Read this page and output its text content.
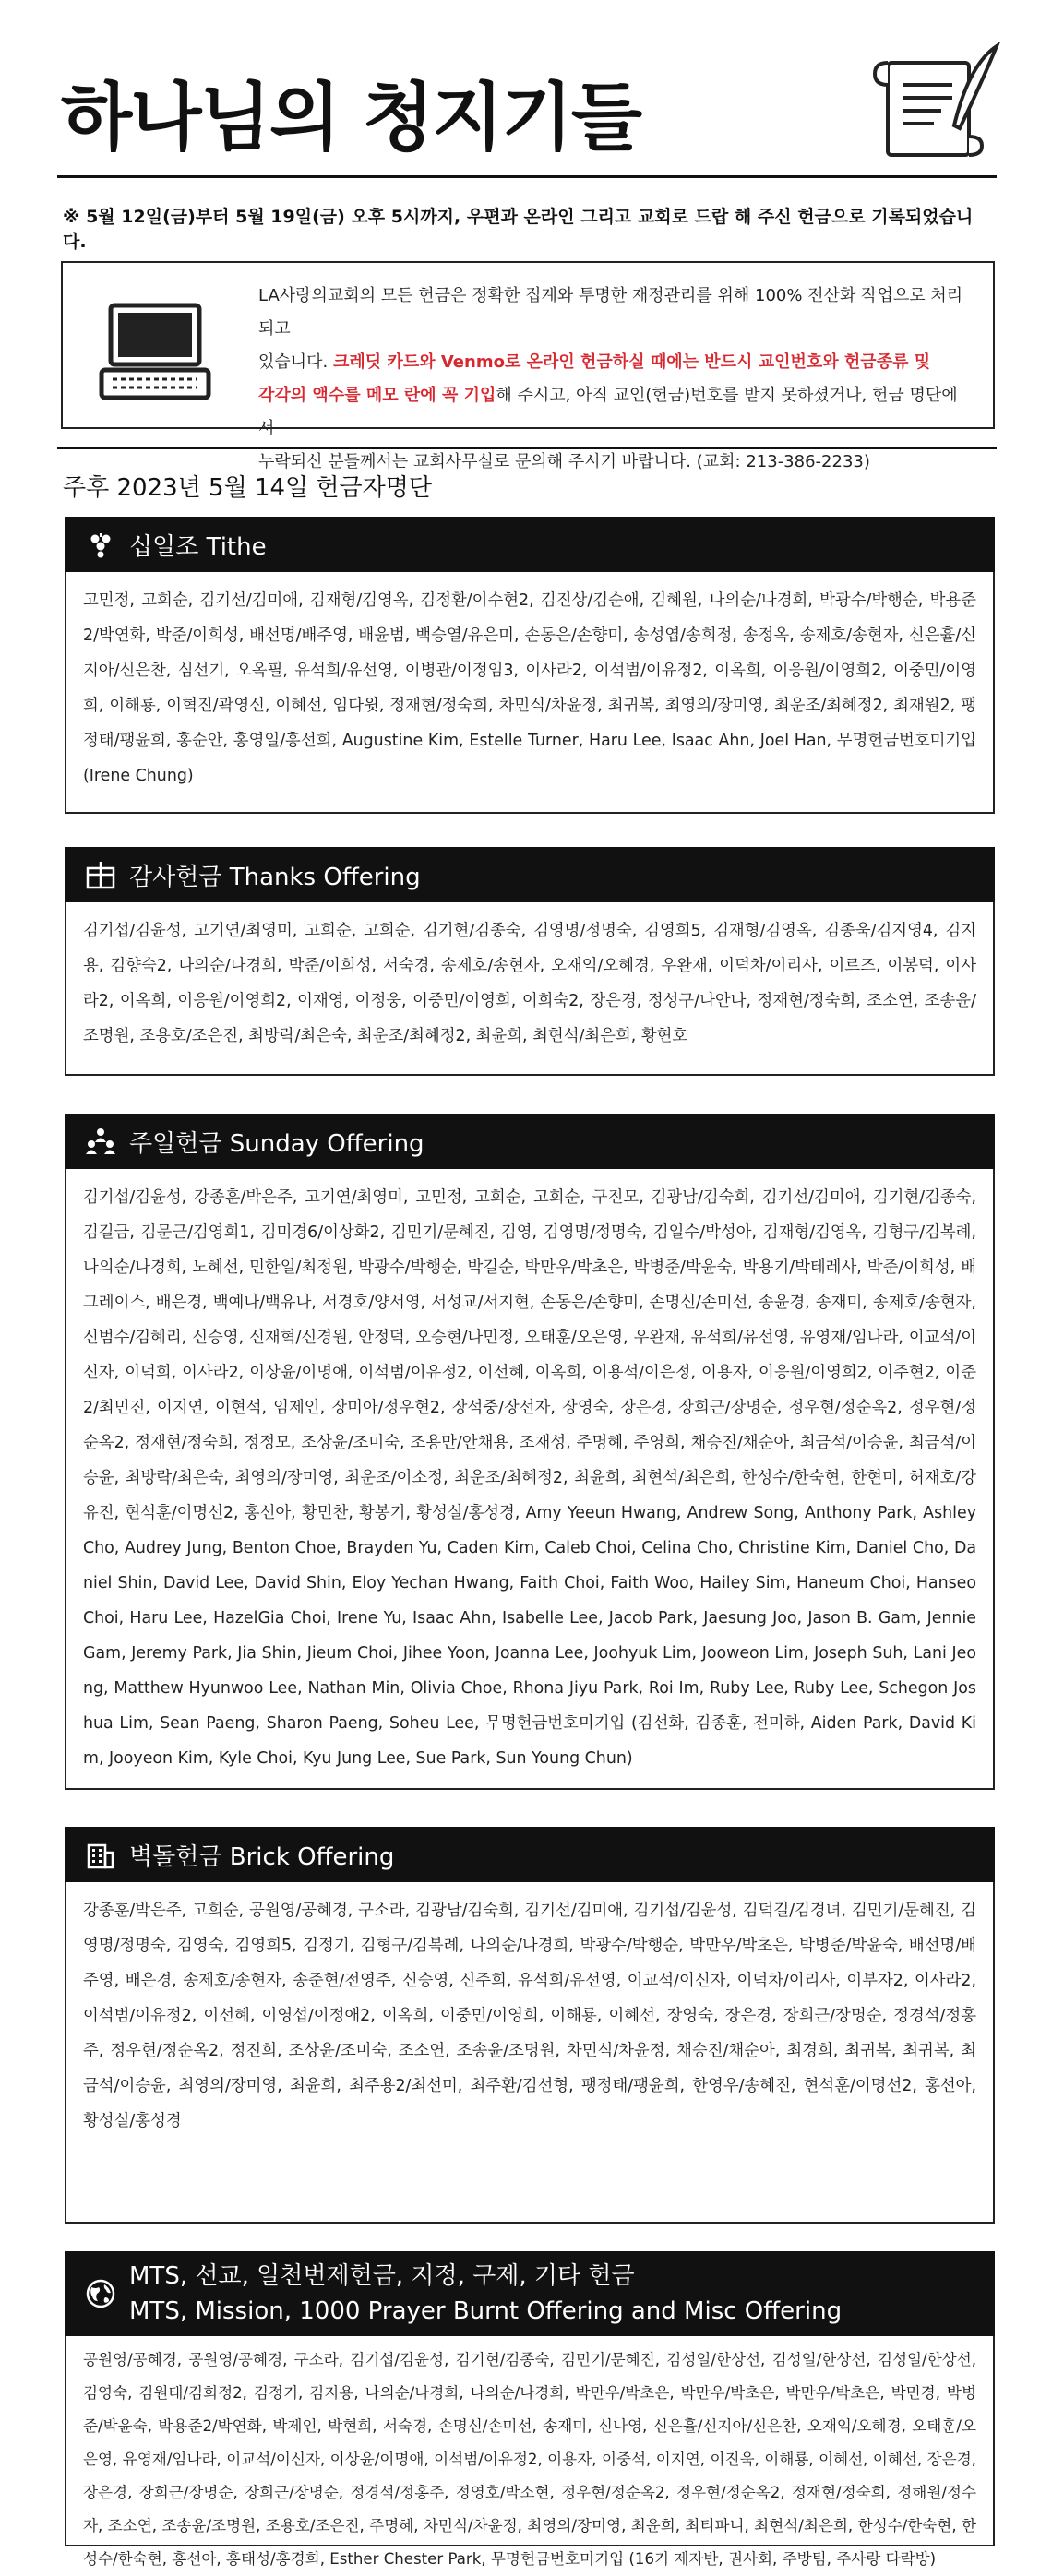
하나님의 청지기들
※ 5월 12일(금)부터 5월 19일(금) 오후 5시까지, 우편과 온라인 그리고 교회로 드랍 해 주신 헌금으로 기록되었습니다.
LA사랑의교회의 모든 헌금은 정확한 집계와 투명한 재정관리를 위해 100% 전산화 작업으로 처리되고
있습니다. 크레딧 카드와 Venmo로 온라인 헌금하실 때에는 반드시 교인번호와 헌금종류 및
각각의 액수를 메모 란에 꼭 기입해 주시고, 아직 교인(헌금)번호를 받지 못하셨거나, 헌금 명단에서
누락되신 분들께서는 교회사무실로 문의해 주시기 바랍니다. (교회: 213-386-2233)
주후 2023년 5월 14일 헌금자명단
십일조 Tithe
고민정, 고희순, 김기선/김미애, 김재형/김영옥, 김정환/이수현2, 김진상/김순애, 김혜원, 나의순/나경희, 박광수/박행순, 박용준2/박연화, 박준/이희성, 배선명/배주영, 배윤범, 백승열/유은미, 손동은/손향미, 송성엽/송희정, 송정옥, 송제호/송현자, 신은휼/신지아/신은찬, 심선기, 오옥필, 유석희/유선영, 이병관/이정임3, 이사라2, 이석범/이유정2, 이옥희, 이응원/이영희2, 이중민/이영희, 이해룡, 이혁진/곽영신, 이혜선, 임다윗, 정재현/정숙희, 차민식/차윤정, 최귀복, 최영의/장미영, 최운조/최혜정2, 최재원2, 팽정태/팽윤희, 홍순안, 홍영일/홍선희, Augustine Kim, Estelle Turner, Haru Lee, Isaac Ahn, Joel Han, 무명헌금번호미기입 (Irene Chung)
감사헌금 Thanks Offering
김기섭/김윤성, 고기연/최영미, 고희순, 고희순, 김기현/김종숙, 김영명/정명숙, 김영희5, 김재형/김영옥, 김종욱/김지영4, 김지용, 김향숙2, 나의순/나경희, 박준/이희성, 서숙경, 송제호/송현자, 오재익/오혜경, 우완재, 이덕차/이리사, 이르즈, 이봉덕, 이사라2, 이옥희, 이응원/이영희2, 이재영, 이정웅, 이중민/이영희, 이희숙2, 장은경, 정성구/나안나, 정재현/정숙희, 조소연, 조송윤/조명원, 조용호/조은진, 최방락/최은숙, 최운조/최혜정2, 최윤희, 최현석/최은희, 황현호
주일헌금 Sunday Offering
김기섭/김윤성, 강종훈/박은주, 고기연/최영미, 고민정, 고희순, 고희순, 구진모, 김광남/김숙희, 김기선/김미애, 김기현/김종숙, 김길금, 김문근/김영희1, 김미경6/이상화2, 김민기/문혜진, 김영, 김영명/정명숙, 김일수/박성아, 김재형/김영옥, 김형구/김복례, 나의순/나경희, 노혜선, 민한일/최정원, 박광수/박행순, 박길순, 박만우/박초은, 박병준/박윤숙, 박용기/박테레사, 박준/이희성, 배그레이스, 배은경, 백예나/백유나, 서경호/양서영, 서성교/서지현, 손동은/손향미, 손명신/손미선, 송윤경, 송재미, 송제호/송현자, 신범수/김혜리, 신승영, 신재혁/신경원, 안정덕, 오승현/나민정, 오태훈/오은영, 우완재, 유석희/유선영, 유영재/임나라, 이교석/이신자, 이덕희, 이사라2, 이상윤/이명애, 이석범/이유정2, 이선혜, 이옥희, 이용석/이은정, 이용자, 이응원/이영희2, 이주현2, 이준2/최민진, 이지연, 이현석, 임제인, 장미아/정우현2, 장석중/장선자, 장영숙, 장은경, 장희근/장명순, 정우현/정순옥2, 정우현/정순옥2, 정재현/정숙희, 정정모, 조상윤/조미숙, 조용만/안채용, 조재성, 주명혜, 주영희, 채승진/채순아, 최금석/이승윤, 최금석/이승윤, 최방락/최은숙, 최영의/장미영, 최운조/이소정, 최운조/최혜정2, 최윤희, 최현석/최은희, 한성수/한숙현, 한현미, 허재호/강유진, 현석훈/이명선2, 홍선아, 황민찬, 황봉기, 황성실/홍성경, Amy Yeeun Hwang, Andrew Song, Anthony Park, Ashley Cho, Audrey Jung, Benton Choe, Brayden Yu, Caden Kim, Caleb Choi, Celina Cho, Christine Kim, Daniel Cho, Daniel Shin, David Lee, David Shin, Eloy Yechan Hwang, Faith Choi, Faith Woo, Hailey Sim, Haneum Choi, Hanseo Choi, Haru Lee, HazelGia Choi, Irene Yu, Isaac Ahn, Isabelle Lee, Jacob Park, Jaesung Joo, Jason B. Gam, Jennie Gam, Jeremy Park, Jia Shin, Jieum Choi, Jihee Yoon, Joanna Lee, Joohyuk Lim, Jooweon Lim, Joseph Suh, Lani Jeong, Matthew Hyunwoo Lee, Nathan Min, Olivia Choe, Rhona Jiyu Park, Roi Im, Ruby Lee, Ruby Lee, Schegon Joshua Lim, Sean Paeng, Sharon Paeng, Soheu Lee, 무명헌금번호미기입 (김선화, 김종훈, 전미하, Aiden Park, David Kim, Jooyeon Kim, Kyle Choi, Kyu Jung Lee, Sue Park, Sun Young Chun)
벽돌헌금 Brick Offering
강종훈/박은주, 고희순, 공원영/공혜경, 구소라, 김광남/김숙희, 김기선/김미애, 김기섭/김윤성, 김덕길/김경녀, 김민기/문혜진, 김영명/정명숙, 김영숙, 김영희5, 김정기, 김형구/김복례, 나의순/나경희, 박광수/박행순, 박만우/박초은, 박병준/박윤숙, 배선명/배주영, 배은경, 송제호/송현자, 송준현/전영주, 신승영, 신주희, 유석희/유선영, 이교석/이신자, 이덕차/이리사, 이부자2, 이사라2, 이석범/이유정2, 이선혜, 이영섭/이정애2, 이옥희, 이중민/이영희, 이해룡, 이혜선, 장영숙, 장은경, 장희근/장명순, 정경석/정홍주, 정우현/정순옥2, 정진희, 조상윤/조미숙, 조소연, 조송윤/조명원, 차민식/차윤정, 채승진/채순아, 최경희, 최귀복, 최귀복, 최금석/이승윤, 최영의/장미영, 최윤희, 최주용2/최선미, 최주환/김선형, 팽정태/팽윤희, 한영우/송혜진, 현석훈/이명선2, 홍선아, 황성실/홍성경
MTS, 선교, 일천번제헌금, 지정, 구제, 기타 헌금
MTS, Mission, 1000 Prayer Burnt Offering and Misc Offering
공원영/공혜경, 공원영/공혜경, 구소라, 김기섭/김윤성, 김기현/김종숙, 김민기/문혜진, 김성일/한상선, 김성일/한상선, 김성일/한상선, 김영숙, 김원태/김희정2, 김정기, 김지용, 나의순/나경희, 나의순/나경희, 박만우/박초은, 박만우/박초은, 박만우/박초은, 박민경, 박병준/박윤숙, 박용준2/박연화, 박제인, 박현희, 서숙경, 손명신/손미선, 송재미, 신나영, 신은휼/신지아/신은찬, 오재익/오혜경, 오태훈/오은영, 유영재/임나라, 이교석/이신자, 이상윤/이명애, 이석범/이유정2, 이용자, 이중석, 이지연, 이진욱, 이해룡, 이혜선, 이혜선, 장은경, 장은경, 장희근/장명순, 장희근/장명순, 정경석/정홍주, 정영호/박소현, 정우현/정순옥2, 정우현/정순옥2, 정재현/정숙희, 정해원/정수자, 조소연, 조송윤/조명원, 조용호/조은진, 주명혜, 차민식/차윤정, 최영의/장미영, 최윤희, 최티파니, 최현석/최은희, 한성수/한숙현, 한성수/한숙현, 홍선아, 홍태성/홍경희, Esther Chester Park, 무명헌금번호미기입 (16기 제자반, 권사회, 주방팀, 주사랑 다락방)
